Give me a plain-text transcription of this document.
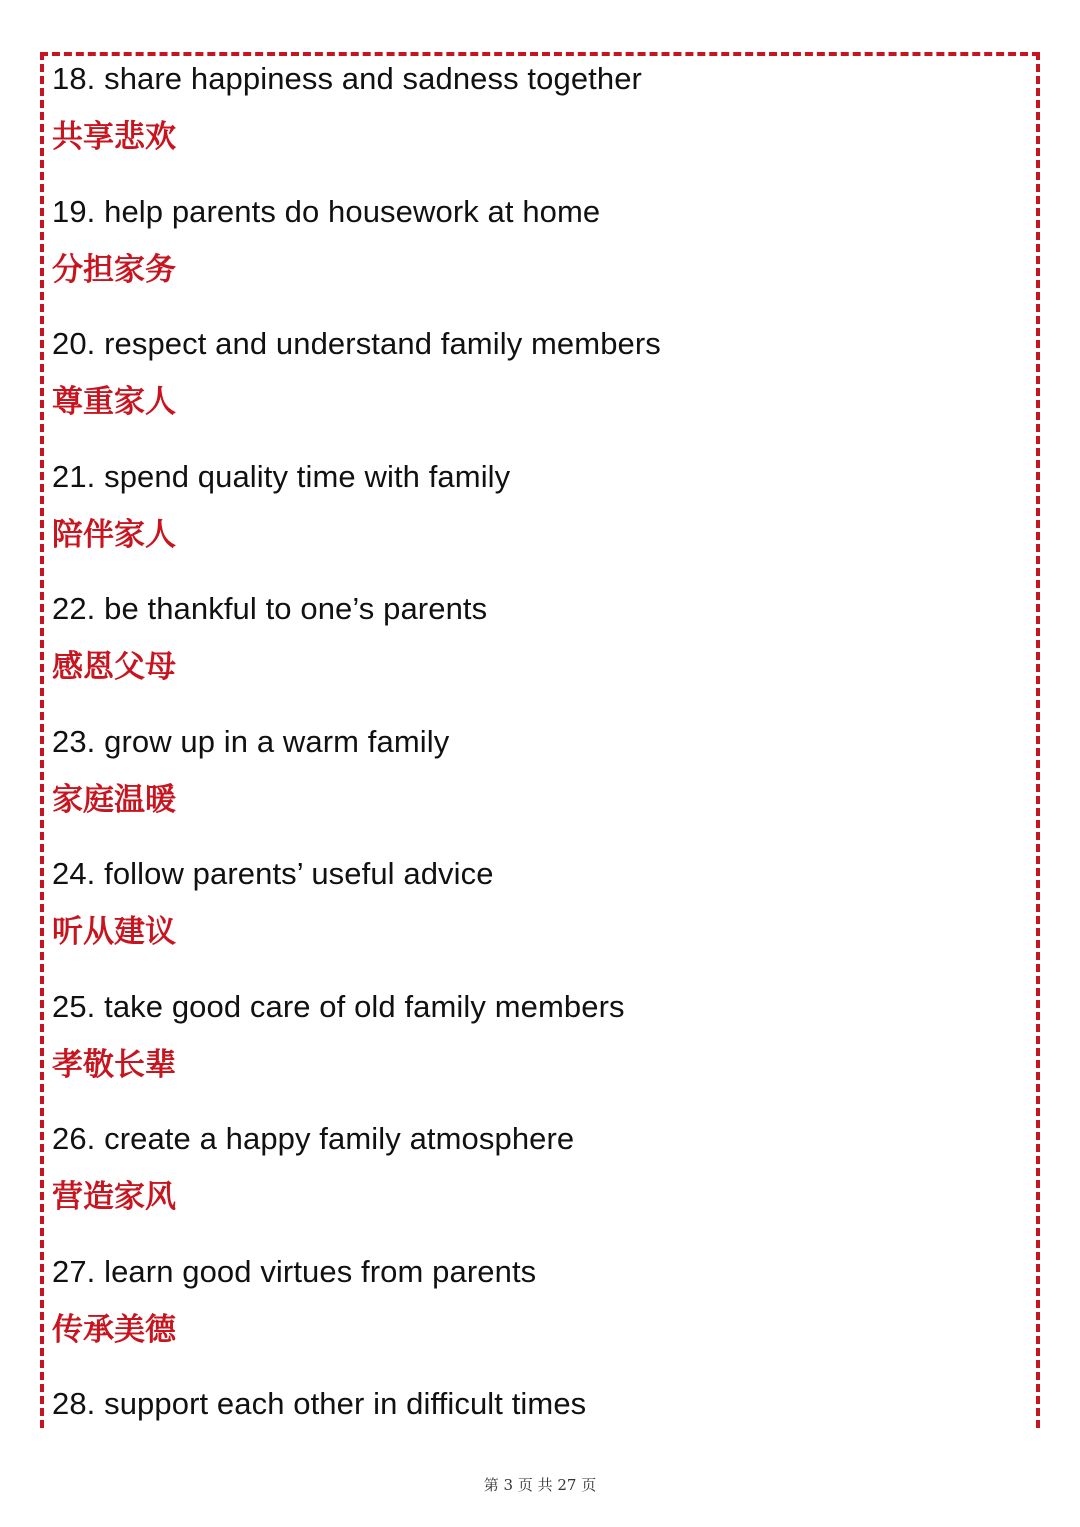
18. share happiness and sadness together
共享悲欢
19. help parents do housework at home
分担家务
20. respect and understand family members
尊重家人
21. spend quality time with family
陪伴家人
22. be thankful to one’s parents
感恩父母
23. grow up in a warm family
家庭温暖
24. follow parents’ useful advice
听从建议
25. take good care of old family members
孝敬长辈
26. create a happy family atmosphere
营造家风
27. learn good virtues from parents
传承美德
28. support each other in difficult times
第 3 页 共 27 页
